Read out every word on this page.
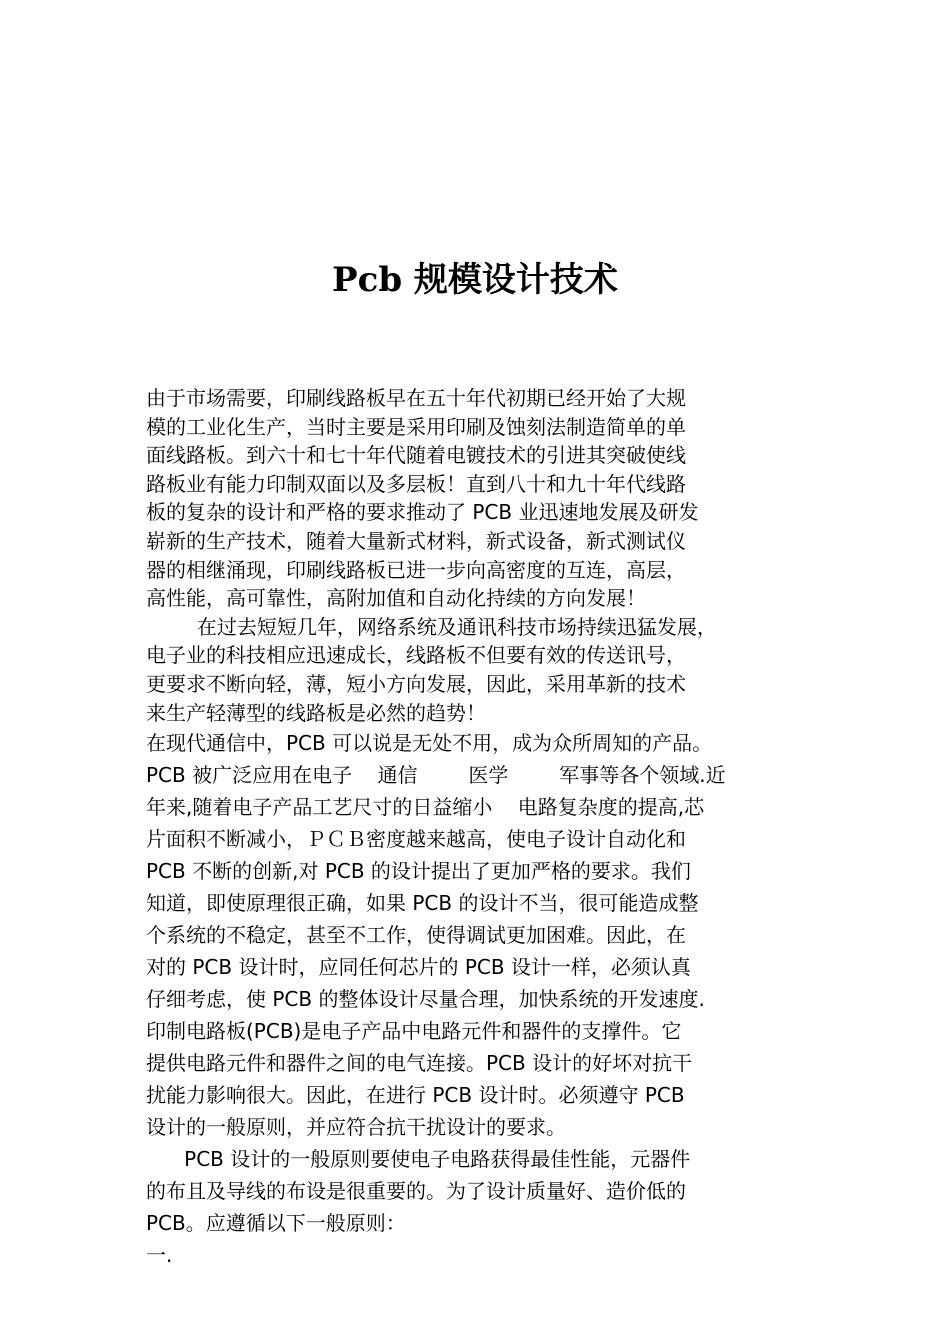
Pcb 规模设计技术
由于市场需要，印刷线路板早在五十年代初期已经开始了大规
模的工业化生产，当时主要是采用印刷及蚀刻法制造简单的单
面线路板。到六十和七十年代随着电镀技术的引进其突破使线
路板业有能力印制双面以及多层板！直到八十和九十年代线路
板的复杂的设计和严格的要求推动了 PCB 业迅速地发展及研发
崭新的生产技术，随着大量新式材料，新式设备，新式测试仪
器的相继涌现，印刷线路板已进一步向高密度的互连，高层，
高性能，高可靠性，高附加值和自动化持续的方向发展！
在过去短短几年，网络系统及通讯科技市场持续迅猛发展，
电子业的科技相应迅速成长，线路板不但要有效的传送讯号，
更要求不断向轻，薄，短小方向发展，因此，采用革新的技术
来生产轻薄型的线路板是必然的趋势！
在现代通信中，PCB 可以说是无处不用，成为众所周知的产品。
PCB 被广泛应用在电子    通信        医学        军事等各个领域.近
年来,随着电子产品工艺尺寸的日益缩小    电路复杂度的提高,芯
片面积不断减小，ＰＣＢ密度越来越高，使电子设计自动化和
PCB 不断的创新,对 PCB 的设计提出了更加严格的要求。我们
知道，即使原理很正确，如果 PCB 的设计不当，很可能造成整
个系统的不稳定，甚至不工作，使得调试更加困难。因此，在
对的 PCB 设计时，应同任何芯片的 PCB 设计一样，必须认真
仔细考虑，使 PCB 的整体设计尽量合理，加快系统的开发速度.
印制电路板(PCB)是电子产品中电路元件和器件的支撑件。它
提供电路元件和器件之间的电气连接。PCB 设计的好坏对抗干
扰能力影响很大。因此，在进行 PCB 设计时。必须遵守 PCB
设计的一般原则，并应符合抗干扰设计的要求。
PCB 设计的一般原则要使电子电路获得最佳性能，元器件
的布且及导线的布设是很重要的。为了设计质量好、造价低的
PCB。应遵循以下一般原则：
一.
